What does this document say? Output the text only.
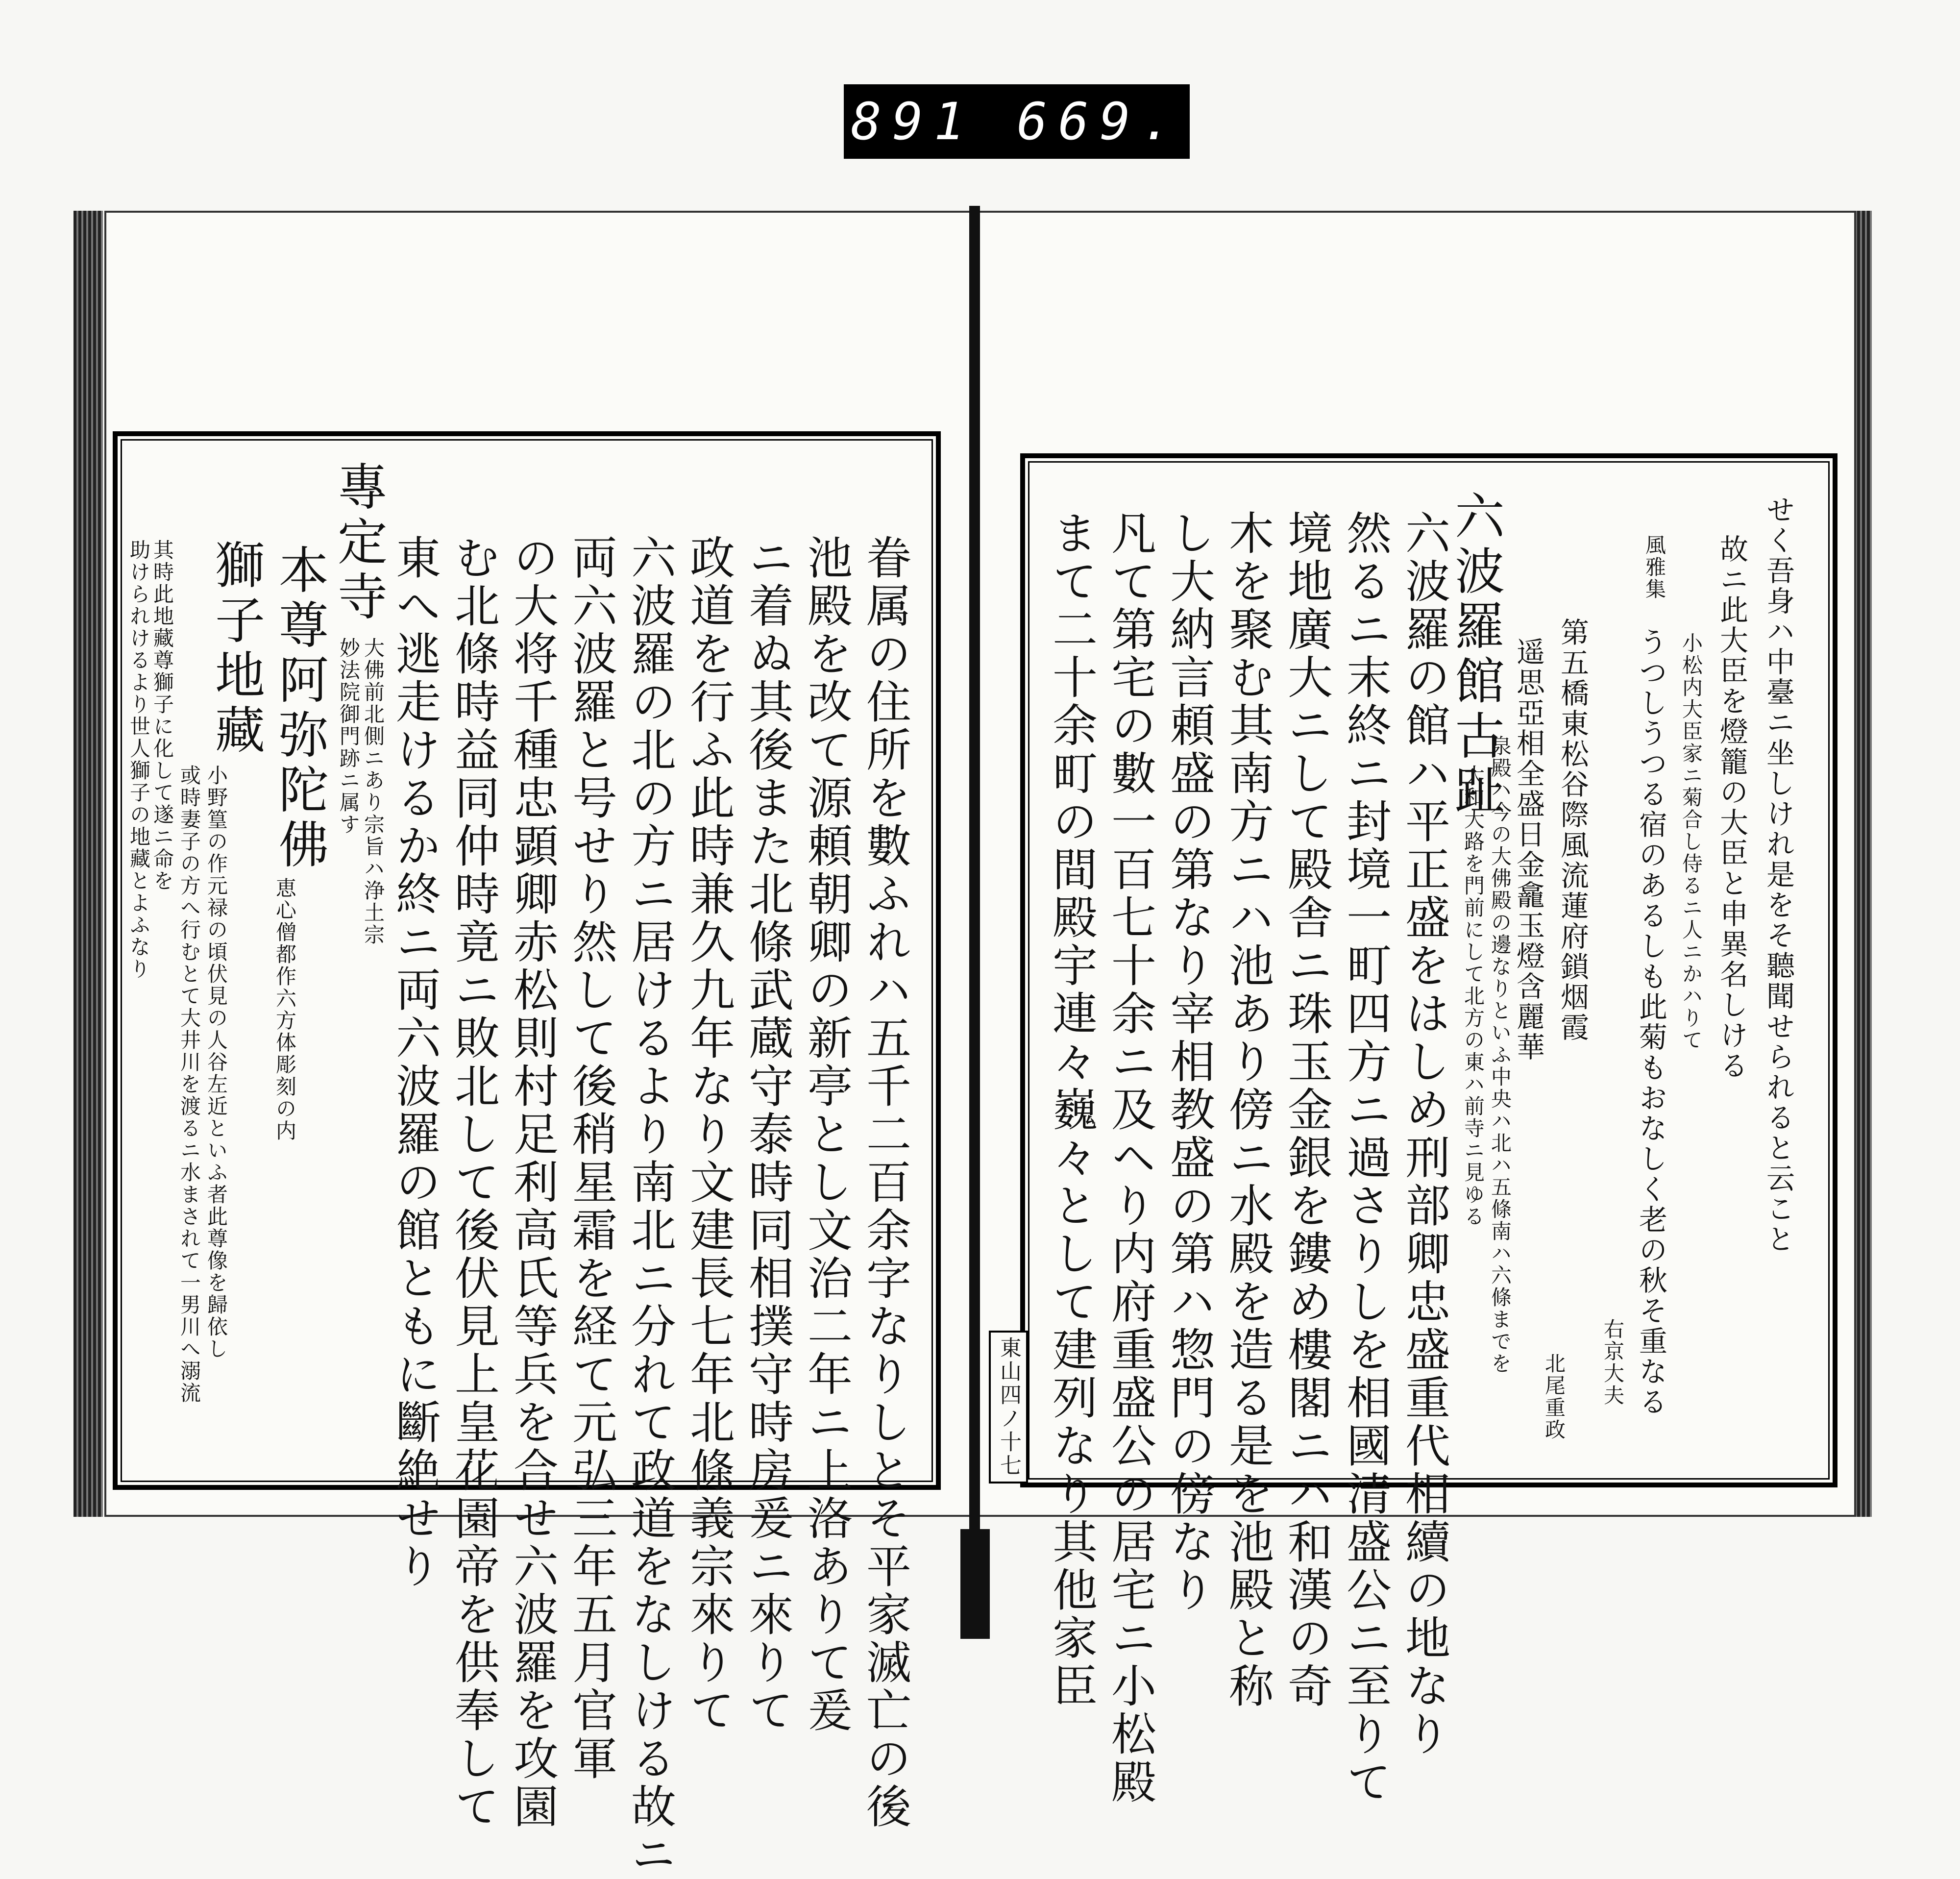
891 669.
せく吾身ハ中臺ニ坐しけれ是をそ聽聞せられると云こと
故ニ此大臣を燈籠の大臣と申異名しける
小松内大臣家ニ菊合し侍るニ人ニかハりて
風雅集
うつしうつる宿のあるしも此菊もおなしく老の秋そ重なる
右京大夫
第五橋東松谷際風流蓮府鎖烟霞
遥思亞相全盛日金龕玉燈含麗華
北尾重政
六波羅館古趾
泉殿ハ今の大佛殿の邊なりといふ中央ハ北ハ五條南ハ六條までを
大和大路を門前にして北方の東ハ前寺ニ見ゆる
六波羅の館ハ平正盛をはしめ刑部卿忠盛重代相續の地なり
然るニ末終ニ封境一町四方ニ過さりしを相國清盛公ニ至りて
境地廣大ニして殿舎ニ珠玉金銀を鏤め樓閣ニハ和漢の奇
木を聚む其南方ニハ池あり傍ニ水殿を造る是を池殿と称
し大納言頼盛の第なり宰相教盛の第ハ惣門の傍なり
凡て第宅の數一百七十余ニ及ヘり内府重盛公の居宅ニ小松殿
まて二十余町の間殿宇連々巍々として建列なり其他家臣
東山四ノ十七
眷属の住所を數ふれハ五千二百余字なりしとそ平家滅亡の後
池殿を改て源頼朝卿の新亭とし文治二年ニ上洛ありて爰
ニ着ぬ其後また北條武蔵守泰時同相撲守時房爰ニ來りて
政道を行ふ此時兼久九年なり文建長七年北條義宗來りて
六波羅の北の方ニ居けるより南北ニ分れて政道をなしける故ニ
両六波羅と号せり然して後稍星霜を経て元弘三年五月官軍
の大将千種忠顕卿赤松則村足利高氏等兵を合せ六波羅を攻園
む北條時益同仲時竟ニ敗北して後伏見上皇花園帝を供奉して
東へ逃走けるか終ニ両六波羅の館ともに斷絶せり
專定寺
大佛前北側ニあり宗旨ハ浄土宗
妙法院御門跡ニ属す
本尊阿弥陀佛
恵心僧都作六方体彫刻の内
獅子地藏
小野篁の作元禄の頃伏見の人谷左近といふ者此尊像を歸依し
或時妻子の方へ行むとて大井川を渡るニ水まされて一男川へ溺流
其時此地藏尊獅子に化して遂ニ命を
助けられけるより世人獅子の地藏とよふなり
